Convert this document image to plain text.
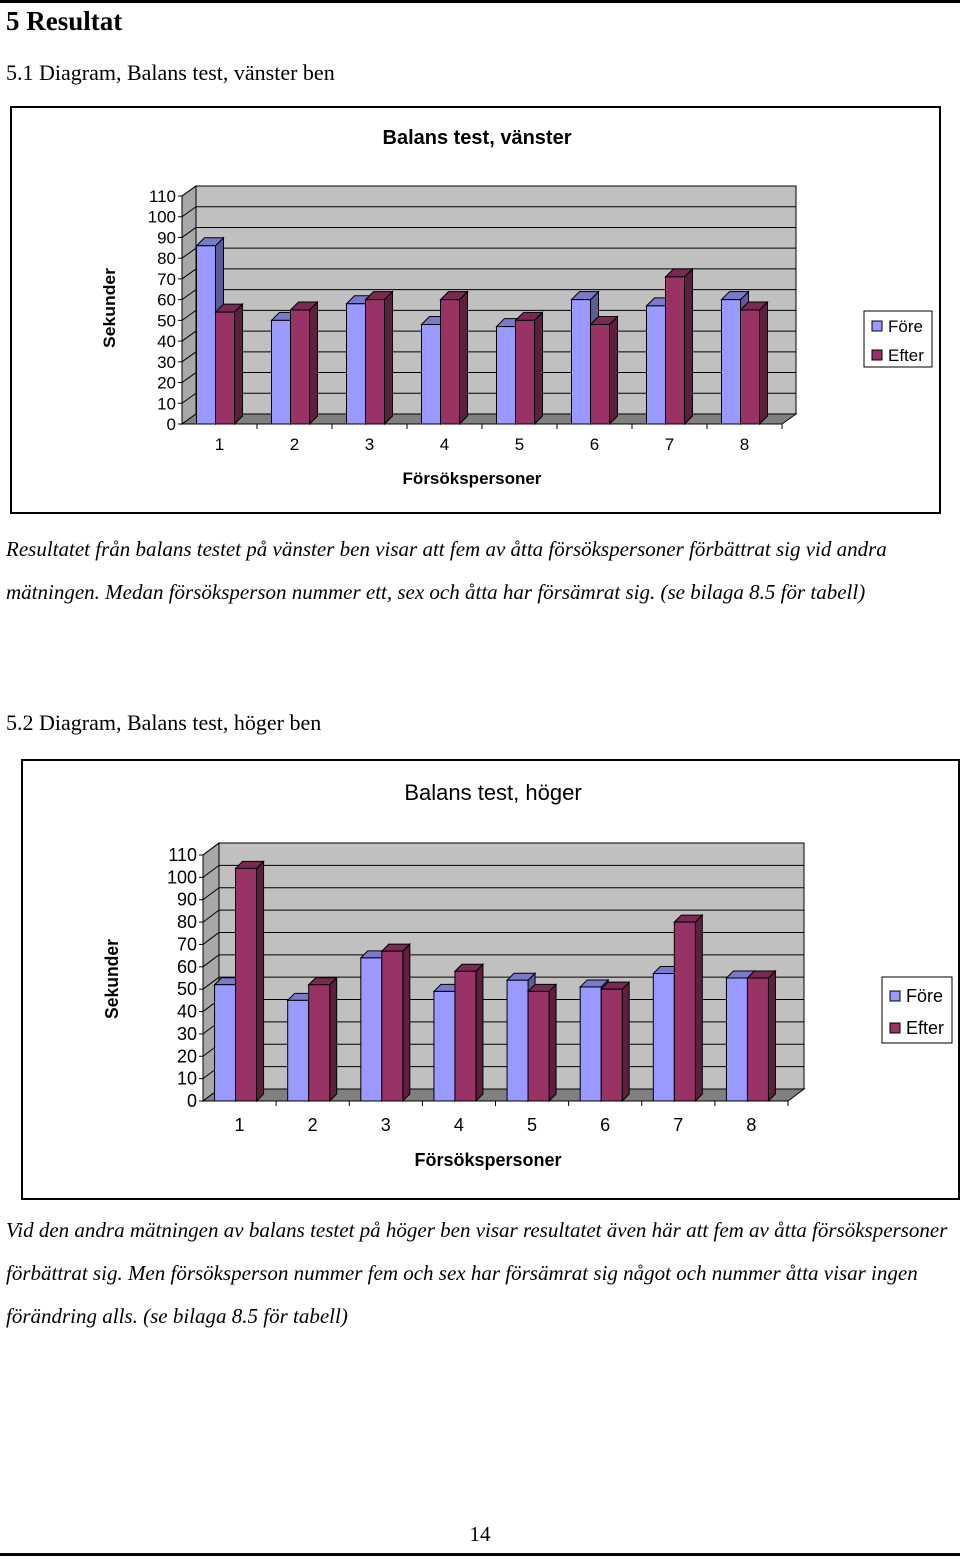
5 Resultat
5.1 Diagram, Balans test, vänster ben
Balans test, vänster
0
10
20
30
40
50
60
70
80
90
100
110
1	2	3	4	5	6	7	8
Försökspersoner
Sekunder	Före
Efter

Resultatet från balans testet på vänster ben visar att fem av åtta försökspersoner förbättrat sig vid andra mätningen. Medan försöksperson nummer ett, sex och åtta har försämrat sig. (se bilaga 8.5 för tabell)

5.2 Diagram, Balans test, höger ben
Balans test, höger
0
10
20
30
40
50
60
70
80
90
100
110
1	2	3	4	5	6	7	8
Försökspersoner
Sekunder	Före
Efter

Vid den andra mätningen av balans testet på höger ben visar resultatet även här att fem av åtta försökspersoner förbättrat sig. Men försöksperson nummer fem och sex har försämrat sig något och nummer åtta visar ingen förändring alls. (se bilaga 8.5 för tabell)

14
